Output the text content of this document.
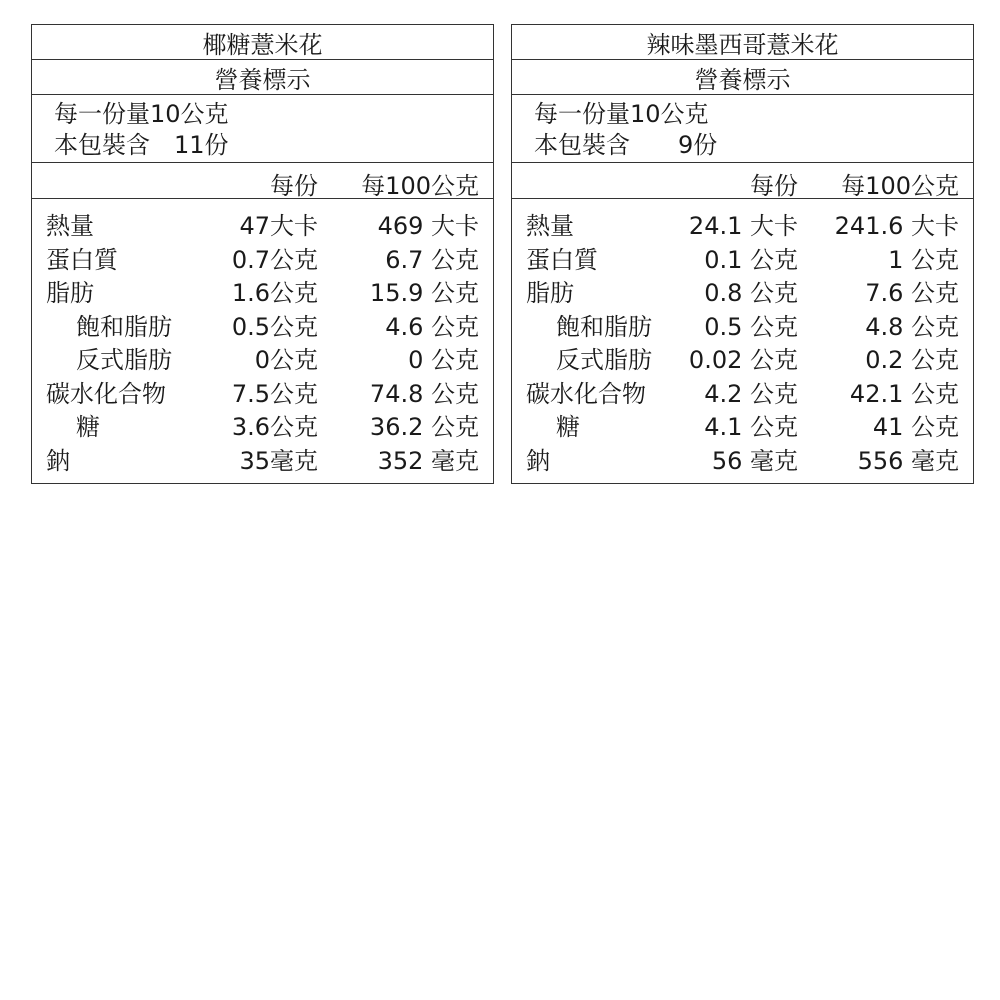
椰糖薏米花
營養標示
每一份量10公克
本包裝含　11份
每份 每100公克
熱量	47大卡 469 大卡
蛋白質	0.7公克	6.7 公克
脂肪	1.6公克 15.9 公克
飽和脂肪 0.5公克	4.6 公克
反式脂肪	0公克	0 公克
碳水化合物	7.5公克 74.8 公克
糖	3.6公克 36.2 公克
鈉	35毫克 352 毫克
辣味墨西哥薏米花
營養標示
每一份量10公克
本包裝含　　9份
每份 每100公克
熱量	24.1 大卡 241.6 大卡
蛋白質	0.1 公克	1 公克
脂肪	0.8 公克	7.6 公克
飽和脂肪 0.5 公克	4.8 公克
反式脂肪 0.02 公克	0.2 公克
碳水化合物 4.2 公克 42.1 公克
糖	4.1 公克	41 公克
鈉	56 毫克 556 毫克
